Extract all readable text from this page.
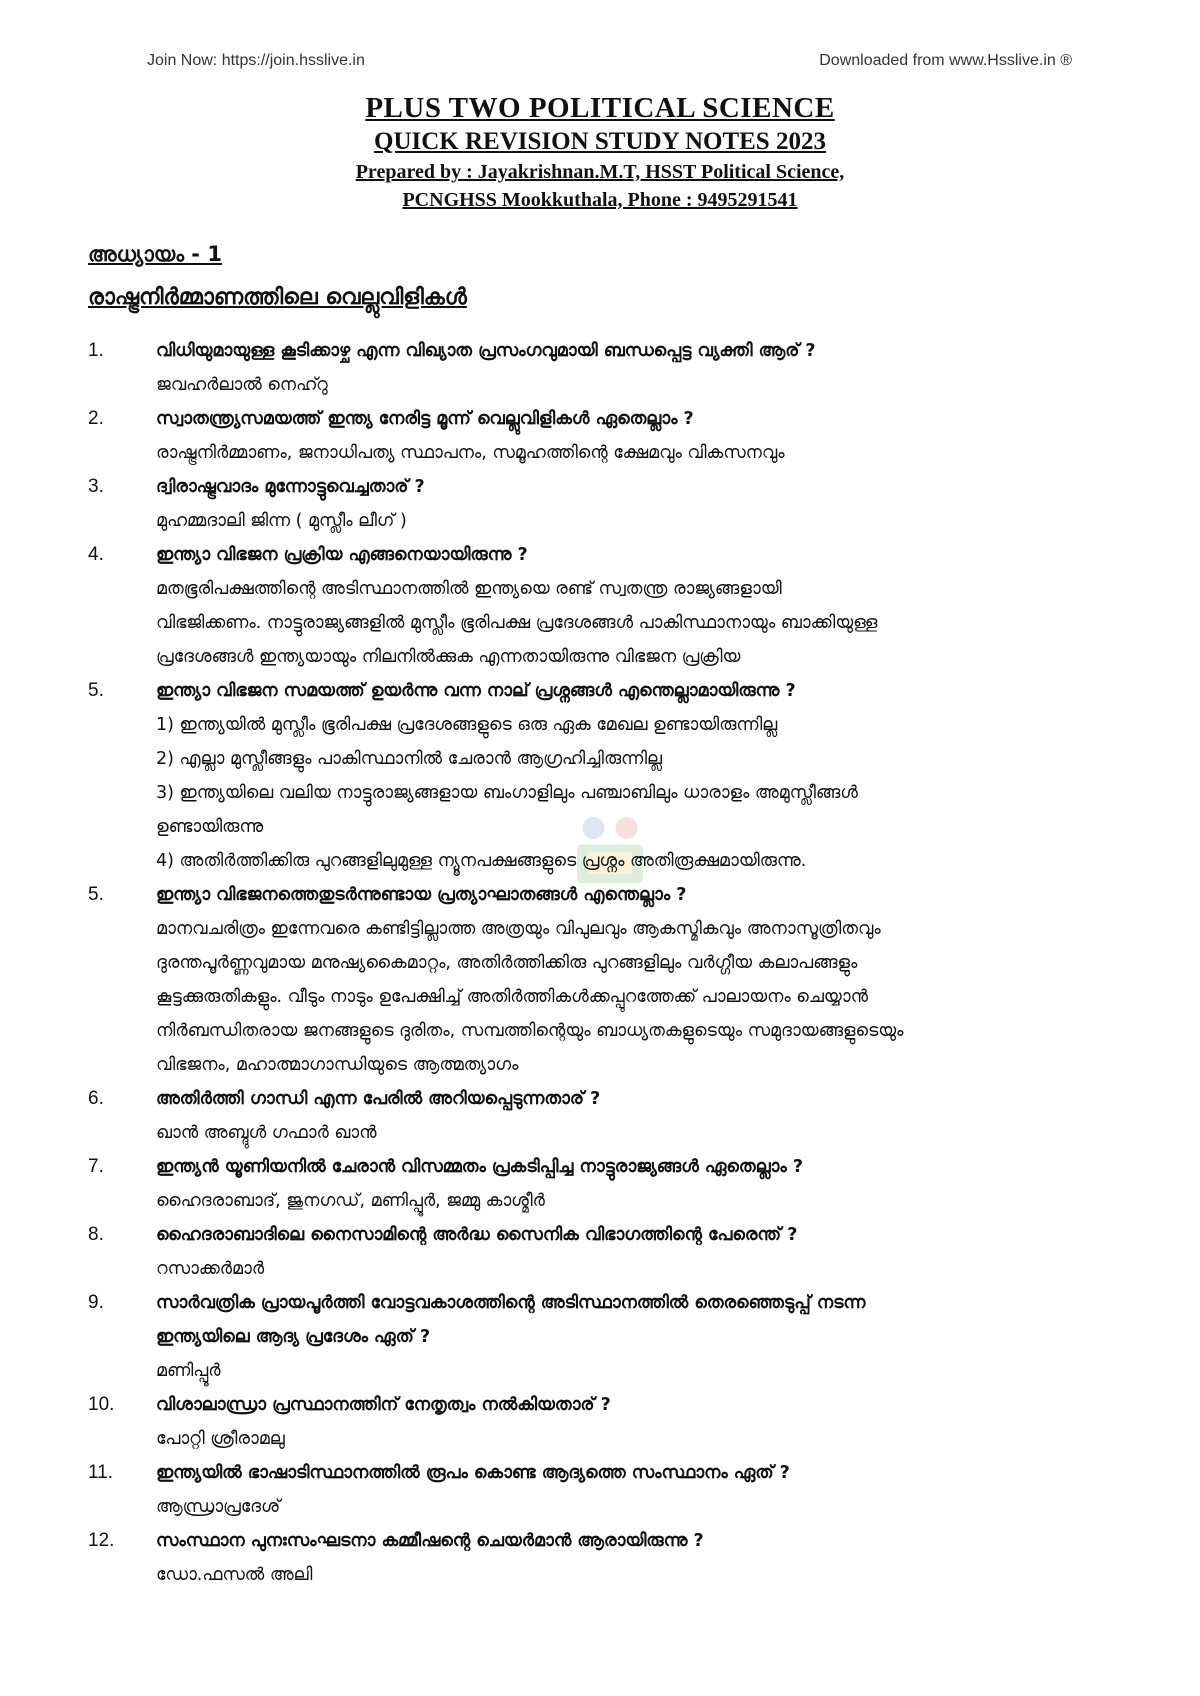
Join Now: https://join.hsslive.in	Downloaded from www.Hsslive.in ®
PLUS TWO POLITICAL SCIENCE
QUICK REVISION STUDY NOTES 2023
Prepared by : Jayakrishnan.M.T, HSST Political Science,
PCNGHSS Mookkuthala, Phone : 9495291541
അധ്യായം - 1
രാഷ്ട്രനിർമ്മാണത്തിലെ വെല്ലുവിളികൾ
1.	വിധിയുമായുള്ള കൂടിക്കാഴ്ച എന്ന വിഖ്യാത പ്രസംഗവുമായി ബന്ധപ്പെട്ട വ്യക്തി ആര് ?
ജവഹർലാൽ നെഹ്റു
2.	സ്വാതന്ത്ര്യസമയത്ത് ഇന്ത്യ നേരിട്ട മൂന്ന് വെല്ലുവിളികൾ ഏതെല്ലാം ?
രാഷ്ട്രനിർമ്മാണം, ജനാധിപത്യ സ്ഥാപനം, സമൂഹത്തിന്റെ ക്ഷേമവും വികസനവും
3.	ദ്വിരാഷ്ട്രവാദം മുന്നോട്ടുവെച്ചതാര് ?
മുഹമ്മദാലി ജിന്ന ( മുസ്ലീം ലീഗ് )
4.	ഇന്ത്യാ വിഭജന പ്രക്രിയ എങ്ങനെയായിരുന്നു ?
മതഭൂരിപക്ഷത്തിന്റെ അടിസ്ഥാനത്തിൽ ഇന്ത്യയെ രണ്ട് സ്വതന്ത്ര രാജ്യങ്ങളായി
വിഭജിക്കണം. നാട്ടുരാജ്യങ്ങളിൽ മുസ്ലീം ഭൂരിപക്ഷ പ്രദേശങ്ങൾ പാകിസ്ഥാനായും ബാക്കിയുള്ള
പ്രദേശങ്ങൾ ഇന്ത്യയായും നിലനിൽക്കുക എന്നതായിരുന്നു വിഭജന പ്രക്രിയ
5.	ഇന്ത്യാ വിഭജന സമയത്ത് ഉയർന്നു വന്ന നാല് പ്രശ്നങ്ങൾ എന്തെല്ലാമായിരുന്നു ?
1) ഇന്ത്യയിൽ മുസ്ലീം ഭൂരിപക്ഷ പ്രദേശങ്ങളുടെ ഒരു ഏക മേഖല ഉണ്ടായിരുന്നില്ല
2) എല്ലാ മുസ്ലീങ്ങളും പാകിസ്ഥാനിൽ ചേരാൻ ആഗ്രഹിച്ചിരുന്നില്ല
3) ഇന്ത്യയിലെ വലിയ നാട്ടുരാജ്യങ്ങളായ ബംഗാളിലും പഞ്ചാബിലും ധാരാളം അമുസ്ലീങ്ങൾ
ഉണ്ടായിരുന്നു
4) അതിർത്തിക്കിരു പുറങ്ങളിലുമുള്ള ന്യൂനപക്ഷങ്ങളുടെ പ്രശ്നം അതിരൂക്ഷമായിരുന്നു.
5.	ഇന്ത്യാ വിഭജനത്തെതുടർന്നുണ്ടായ പ്രത്യാഘാതങ്ങൾ എന്തെല്ലാം ?
മാനവചരിത്രം ഇന്നേവരെ കണ്ടിട്ടില്ലാത്ത അത്രയും വിപുലവും ആകസ്മികവും അനാസൂത്രിതവും
ദുരന്തപൂർണ്ണവുമായ മനുഷ്യകൈമാറ്റം, അതിർത്തിക്കിരു പുറങ്ങളിലും വർഗ്ഗീയ കലാപങ്ങളും
കൂട്ടക്കുരുതികളും. വീടും നാടും ഉപേക്ഷിച്ച് അതിർത്തികൾക്കപ്പുറത്തേക്ക് പാലായനം ചെയ്യാൻ
നിർബന്ധിതരായ ജനങ്ങളുടെ ദുരിതം, സമ്പത്തിന്റെയും ബാധ്യതകളുടെയും സമുദായങ്ങളുടെയും
വിഭജനം, മഹാത്മാഗാന്ധിയുടെ ആത്മത്യാഗം
6.	അതിർത്തി ഗാന്ധി എന്ന പേരിൽ അറിയപ്പെടുന്നതാര് ?
ഖാൻ അബ്ദുൾ ഗഫാർ ഖാൻ
7.	ഇന്ത്യൻ യൂണിയനിൽ ചേരാൻ വിസമ്മതം പ്രകടിപ്പിച്ച നാട്ടുരാജ്യങ്ങൾ ഏതെല്ലാം ?
ഹൈദരാബാദ്, ജുനഗഡ്, മണിപ്പൂർ, ജമ്മു കാശ്മീർ
8.	ഹൈദരാബാദിലെ നൈസാമിന്റെ അർദ്ധ സൈനിക വിഭാഗത്തിന്റെ പേരെന്ത് ?
റസാക്കർമാർ
9.	സാർവത്രിക പ്രായപൂർത്തി വോട്ടവകാശത്തിന്റെ അടിസ്ഥാനത്തിൽ തെരഞ്ഞെടുപ്പ് നടന്ന
ഇന്ത്യയിലെ ആദ്യ പ്രദേശം ഏത് ?
മണിപ്പൂർ
10.	വിശാലാന്ധ്രാ പ്രസ്ഥാനത്തിന് നേതൃത്വം നൽകിയതാര് ?
പോറ്റി ശ്രീരാമലു
11.	ഇന്ത്യയിൽ ഭാഷാടിസ്ഥാനത്തിൽ രൂപം കൊണ്ട ആദ്യത്തെ സംസ്ഥാനം ഏത് ?
ആന്ധ്രാപ്രദേശ്
12.	സംസ്ഥാന പുനഃസംഘടനാ കമ്മീഷന്റെ ചെയർമാൻ ആരായിരുന്നു ?
ഡോ.ഫസൽ അലി
